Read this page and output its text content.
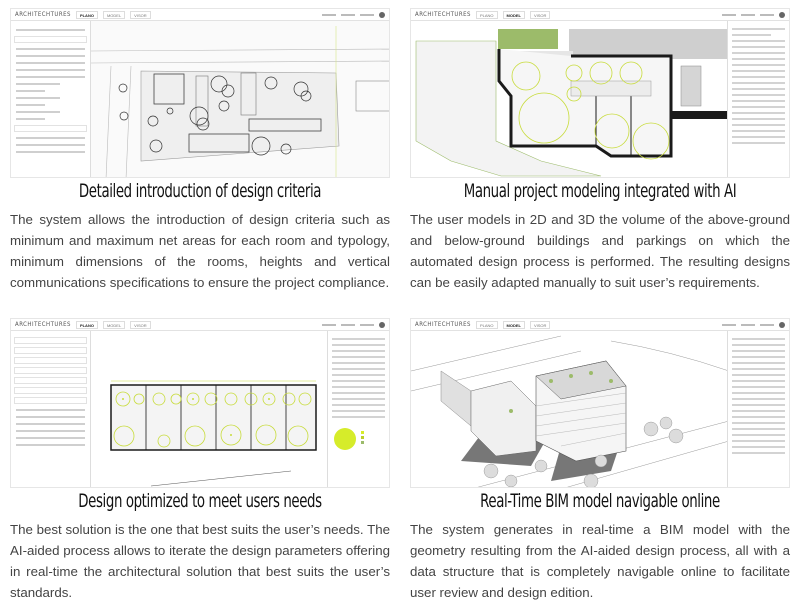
ARCHITECHTURES	PLANO	MODEL	VISOR
Detailed introduction of design criteria

The system allows the introduction of design criteria such as minimum and maximum net areas for each room and typology, minimum dimensions of the rooms, heights and vertical communications specifications to ensure the project compliance.

ARCHITECHTURES	PLANO	MODEL	VISOR
Manual project modeling integrated with AI

The user models in 2D and 3D the volume of the above-ground and below-ground buildings and parkings on which the automated design process is performed. The resulting designs can be easily adapted manually to suit user’s requirements.

ARCHITECHTURES	PLANO	MODEL	VISOR
Design optimized to meet users needs

The best solution is the one that best suits the user’s needs. The AI-aided process allows to iterate the design parameters offering in real-time the architectural solution that best suits the user’s standards.

ARCHITECHTURES	PLANO	MODEL	VISOR
Real-Time BIM model navigable online

The system generates in real-time a BIM model with the geometry resulting from the AI-aided design process, all with a data structure that is completely navigable online to facilitate user review and design edition.
